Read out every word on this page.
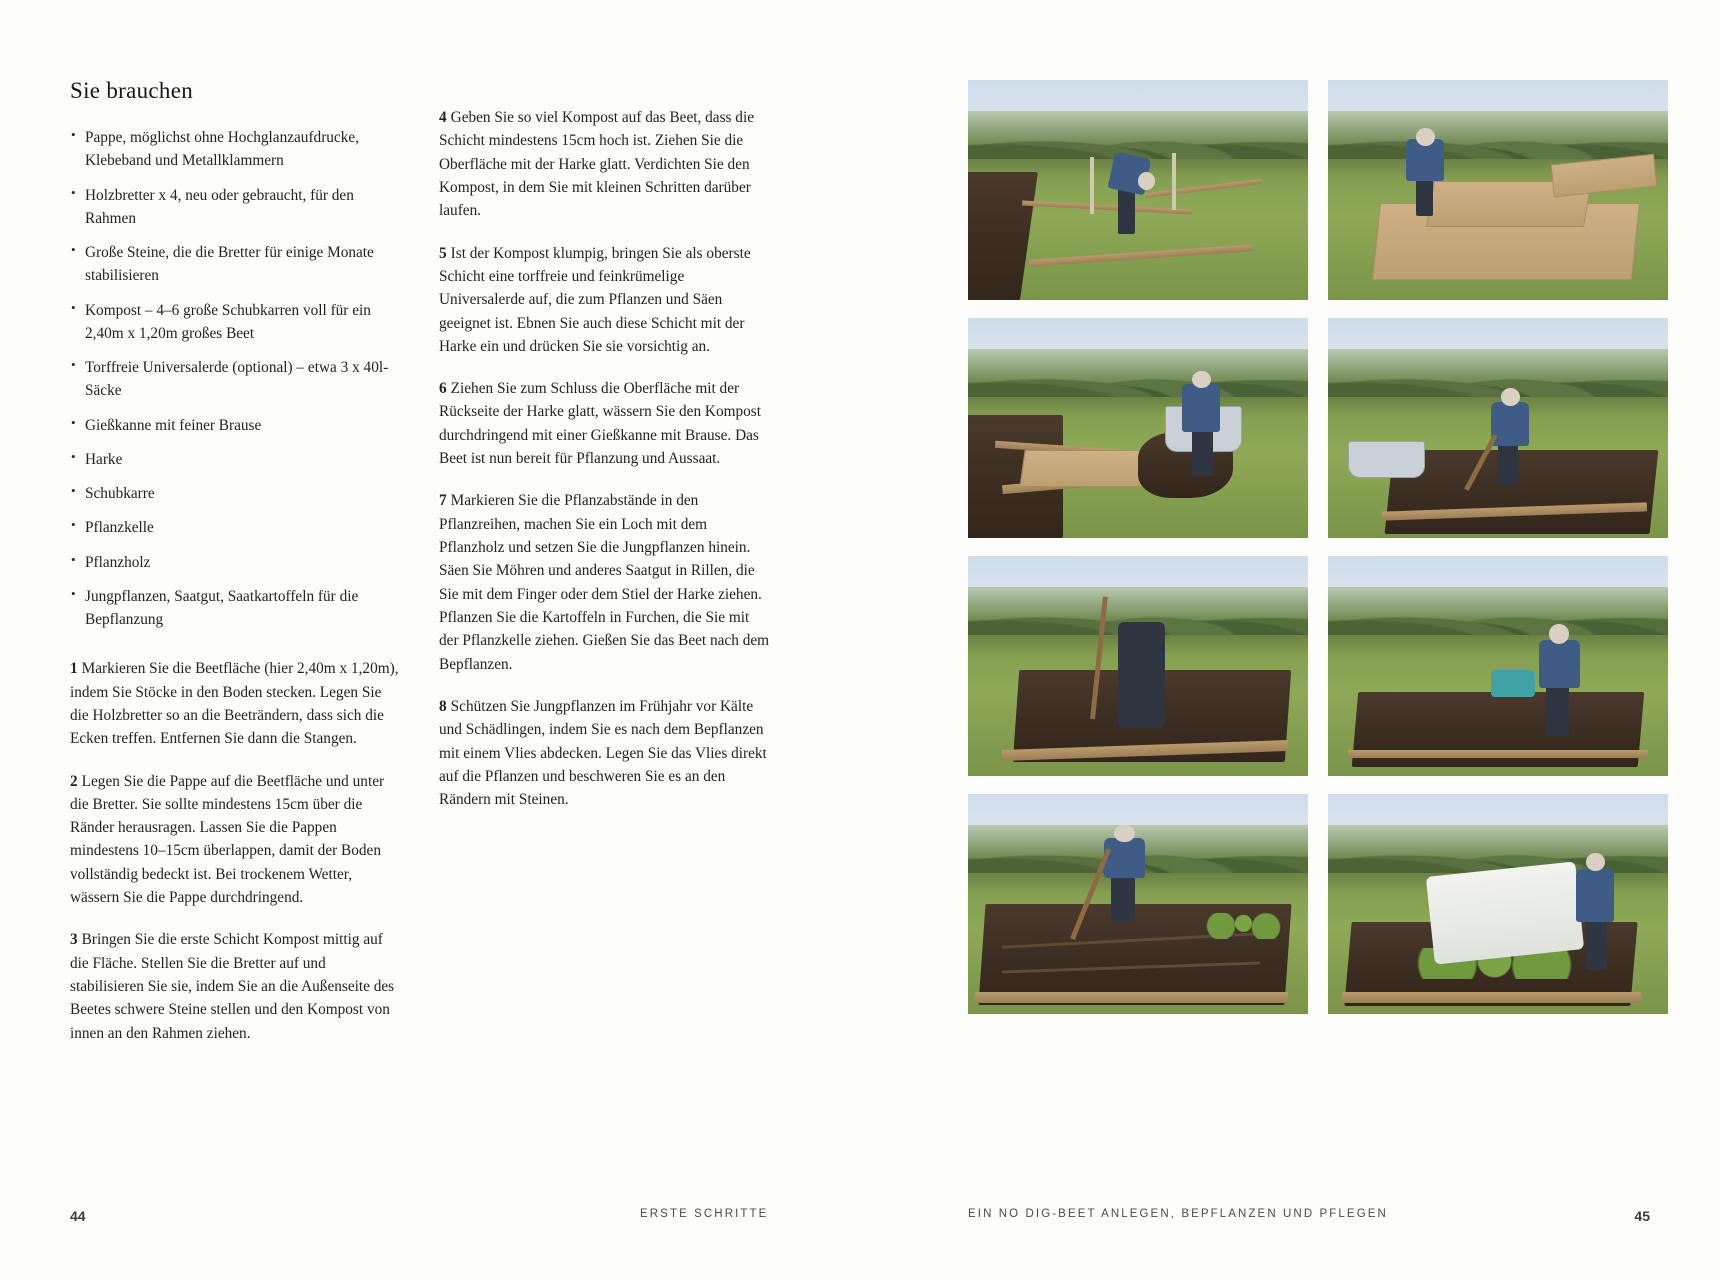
Sie brauchen
• Pappe, möglichst ohne Hochglanzaufdrucke, Klebeband und Metallklammern
• Holzbretter x 4, neu oder gebraucht, für den Rahmen
• Große Steine, die die Bretter für einige Monate stabilisieren
• Kompost – 4–6 große Schubkarren voll für ein 2,40m x 1,20m großes Beet
• Torffreie Universalerde (optional) – etwa 3 x 40l-Säcke
• Gießkanne mit feiner Brause
• Harke
• Schubkarre
• Pflanzkelle
• Pflanzholz
• Jungpflanzen, Saatgut, Saatkartoffeln für die Bepflanzung

1 Markieren Sie die Beetfläche (hier 2,40m x 1,20m), indem Sie Stöcke in den Boden stecken. Legen Sie die Holzbretter so an die Beeträndern, dass sich die Ecken treffen. Entfernen Sie dann die Stangen.

2 Legen Sie die Pappe auf die Beetfläche und unter die Bretter. Sie sollte mindestens 15cm über die Ränder herausragen. Lassen Sie die Pappen mindestens 10–15cm überlappen, damit der Boden vollständig bedeckt ist. Bei trockenem Wetter, wässern Sie die Pappe durchdringend.

3 Bringen Sie die erste Schicht Kompost mittig auf die Fläche. Stellen Sie die Bretter auf und stabilisieren Sie sie, indem Sie an die Außenseite des Beetes schwere Steine stellen und den Kompost von innen an den Rahmen ziehen.

4 Geben Sie so viel Kompost auf das Beet, dass die Schicht mindestens 15cm hoch ist. Ziehen Sie die Oberfläche mit der Harke glatt. Verdichten Sie den Kompost, in dem Sie mit kleinen Schritten darüber laufen.

5 Ist der Kompost klumpig, bringen Sie als oberste Schicht eine torffreie und feinkrümelige Universalerde auf, die zum Pflanzen und Säen geeignet ist. Ebnen Sie auch diese Schicht mit der Harke ein und drücken Sie sie vorsichtig an.

6 Ziehen Sie zum Schluss die Oberfläche mit der Rückseite der Harke glatt, wässern Sie den Kompost durchdringend mit einer Gießkanne mit Brause. Das Beet ist nun bereit für Pflanzung und Aussaat.

7 Markieren Sie die Pflanzabstände in den Pflanzreihen, machen Sie ein Loch mit dem Pflanzholz und setzen Sie die Jungpflanzen hinein. Säen Sie Möhren und anderes Saatgut in Rillen, die Sie mit dem Finger oder dem Stiel der Harke ziehen. Pflanzen Sie die Kartoffeln in Furchen, die Sie mit der Pflanzkelle ziehen. Gießen Sie das Beet nach dem Bepflanzen.

8 Schützen Sie Jungpflanzen im Frühjahr vor Kälte und Schädlingen, indem Sie es nach dem Bepflanzen mit einem Vlies abdecken. Legen Sie das Vlies direkt auf die Pflanzen und beschweren Sie es an den Rändern mit Steinen.

44	ERSTE SCHRITTE	EIN NO DIG-BEET ANLEGEN, BEPFLANZEN UND PFLEGEN	45
